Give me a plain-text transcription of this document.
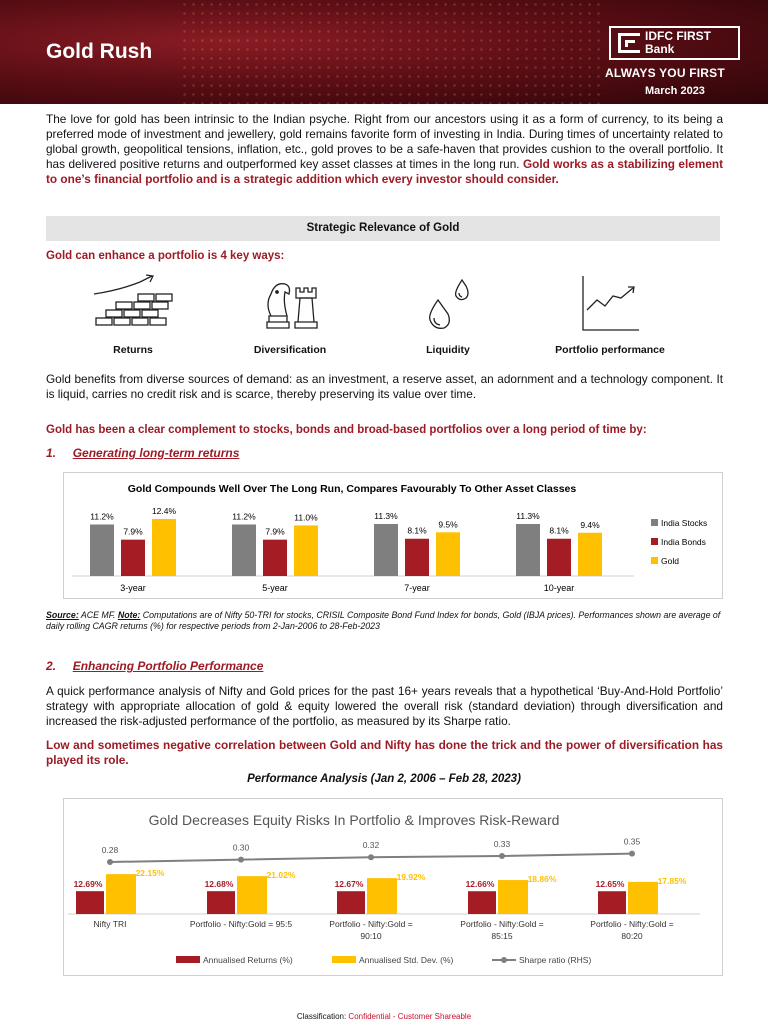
Gold Rush
IDFC FIRST
Bank
ALWAYS YOU FIRST
March 2023
The love for gold has been intrinsic to the Indian psyche. Right from our ancestors using it as a form of currency, to its being a preferred mode of investment and jewellery, gold remains favorite form of investing in India. During times of uncertainty related to global growth, geopolitical tensions, inflation, etc., gold proves to be a safe-haven that provides cushion to the overall portfolio. It has delivered positive returns and outperformed key asset classes at times in the long run. Gold works as a stabilizing element to one’s financial portfolio and is a strategic addition which every investor should consider.
Strategic Relevance of Gold
Gold can enhance a portfolio is 4 key ways:
Returns	Diversification	Liquidity	Portfolio performance
Gold benefits from diverse sources of demand: as an investment, a reserve asset, an adornment and a technology component. It is liquid, carries no credit risk and is scarce, thereby preserving its value over time.
Gold has been a clear complement to stocks, bonds and broad-based portfolios over a long period of time by:
1. Generating long-term returns
Gold Compounds Well Over The Long Run, Compares Favourably To Other Asset Classes
11.2%
7.9%
12.4%
3-year
11.2%
7.9%
11.0%
5-year
11.3%
8.1%
9.5%
7-year
11.3%
8.1%
9.4%
10-year
India Stocks
India Bonds
Gold
Source: ACE MF. Note: Computations are of Nifty 50-TRI for stocks, CRISIL Composite Bond Fund Index for bonds, Gold (IBJA prices). Performances shown are average of daily rolling CAGR returns (%) for respective periods from 2-Jan-2006 to 28-Feb-2023
2. Enhancing Portfolio Performance
A quick performance analysis of Nifty and Gold prices for the past 16+ years reveals that a hypothetical ‘Buy-And-Hold Portfolio’ strategy with appropriate allocation of gold & equity lowered the overall risk (standard deviation) through diversification and increased the risk-adjusted performance of the portfolio, as measured by its Sharpe ratio.
Low and sometimes negative correlation between Gold and Nifty has done the trick and the power of diversification has played its role.
Performance Analysis (Jan 2, 2006 – Feb 28, 2023)
Gold Decreases Equity Risks In Portfolio & Improves Risk-Reward
12.69%
22.15%
Nifty TRI
12.68%
21.02%
Portfolio - Nifty:Gold = 95:5
12.67%
19.92%
Portfolio - Nifty:Gold =
90:10
12.66%
18.86%
Portfolio - Nifty:Gold =
85:15
12.65%	17.85%
Portfolio - Nifty:Gold =
80:20
0.28	0.30	0.32	0.33	0.35
Annualised Returns (%)	Annualised Std. Dev. (%)	Sharpe ratio (RHS)
Classification: Confidential - Customer Shareable
